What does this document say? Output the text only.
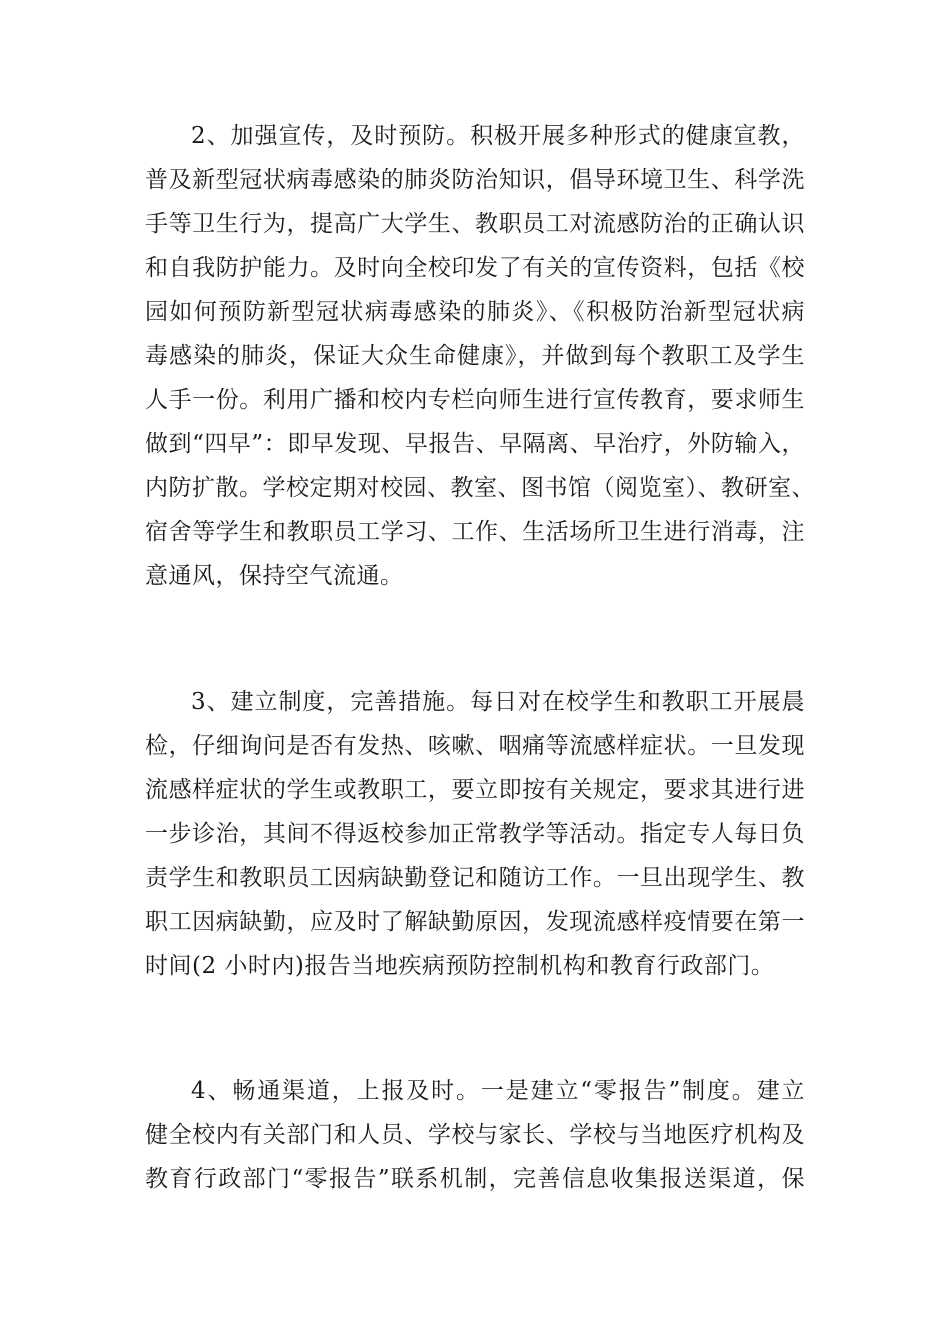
2、加强宣传，及时预防。积极开展多种形式的健康宣教，
普及新型冠状病毒感染的肺炎防治知识，倡导环境卫生、科学洗
手等卫生行为，提高广大学生、教职员工对流感防治的正确认识
和自我防护能力。及时向全校印发了有关的宣传资料，包括《校
园如何预防新型冠状病毒感染的肺炎》、《积极防治新型冠状病
毒感染的肺炎，保证大众生命健康》，并做到每个教职工及学生
人手一份。利用广播和校内专栏向师生进行宣传教育，要求师生
做到“四早”：即早发现、早报告、早隔离、早治疗，外防输入，
内防扩散。学校定期对校园、教室、图书馆（阅览室）、教研室、
宿舍等学生和教职员工学习、工作、生活场所卫生进行消毒，注
意通风，保持空气流通。
3、建立制度，完善措施。每日对在校学生和教职工开展晨
检，仔细询问是否有发热、咳嗽、咽痛等流感样症状。一旦发现
流感样症状的学生或教职工，要立即按有关规定，要求其进行进
一步诊治，其间不得返校参加正常教学等活动。指定专人每日负
责学生和教职员工因病缺勤登记和随访工作。一旦出现学生、教
职工因病缺勤，应及时了解缺勤原因，发现流感样疫情要在第一
时间(2 小时内)报告当地疾病预防控制机构和教育行政部门。
4、畅通渠道，上报及时。一是建立“零报告”制度。建立
健全校内有关部门和人员、学校与家长、学校与当地医疗机构及
教育行政部门“零报告”联系机制，完善信息收集报送渠道，保
